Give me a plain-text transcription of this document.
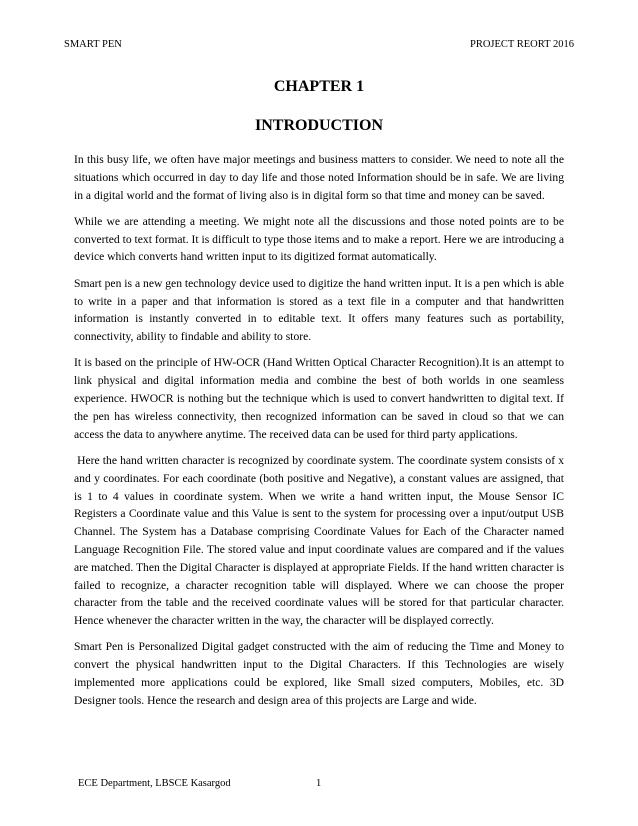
SMART PEN	PROJECT REORT 2016
CHAPTER 1
INTRODUCTION

In this busy life, we often have major meetings and business matters to consider. We need to note all the situations which occurred in day to day life and those noted Information should be in safe. We are living in a digital world and the format of living also is in digital form so that time and money can be saved.

While we are attending a meeting. We might note all the discussions and those noted points are to be converted to text format. It is difficult to type those items and to make a report. Here we are introducing a device which converts hand written input to its digitized format automatically.

Smart pen is a new gen technology device used to digitize the hand written input. It is a pen which is able to write in a paper and that information is stored as a text file in a computer and that handwritten information is instantly converted in to editable text. It offers many features such as portability, connectivity, ability to findable and ability to store.

It is based on the principle of HW-OCR (Hand Written Optical Character Recognition).It is an attempt to link physical and digital information media and combine the best of both worlds in one seamless experience. HWOCR is nothing but the technique which is used to convert handwritten to digital text. If the pen has wireless connectivity, then recognized information can be saved in cloud so that we can access the data to anywhere anytime. The received data can be used for third party applications.

Here the hand written character is recognized by coordinate system. The coordinate system consists of x and y coordinates. For each coordinate (both positive and Negative), a constant values are assigned, that is 1 to 4 values in coordinate system. When we write a hand written input, the Mouse Sensor IC Registers a Coordinate value and this Value is sent to the system for processing over a input/output USB Channel. The System has a Database comprising Coordinate Values for Each of the Character named Language Recognition File. The stored value and input coordinate values are compared and if the values are matched. Then the Digital Character is displayed at appropriate Fields. If the hand written character is failed to recognize, a character recognition table will displayed. Where we can choose the proper character from the table and the received coordinate values will be stored for that particular character. Hence whenever the character written in the way, the character will be displayed correctly.

Smart Pen is Personalized Digital gadget constructed with the aim of reducing the Time and Money to convert the physical handwritten input to the Digital Characters. If this Technologies are wisely implemented more applications could be explored, like Small sized computers, Mobiles, etc. 3D Designer tools. Hence the research and design area of this projects are Large and wide.

ECE Department, LBSCE Kasargod	1
